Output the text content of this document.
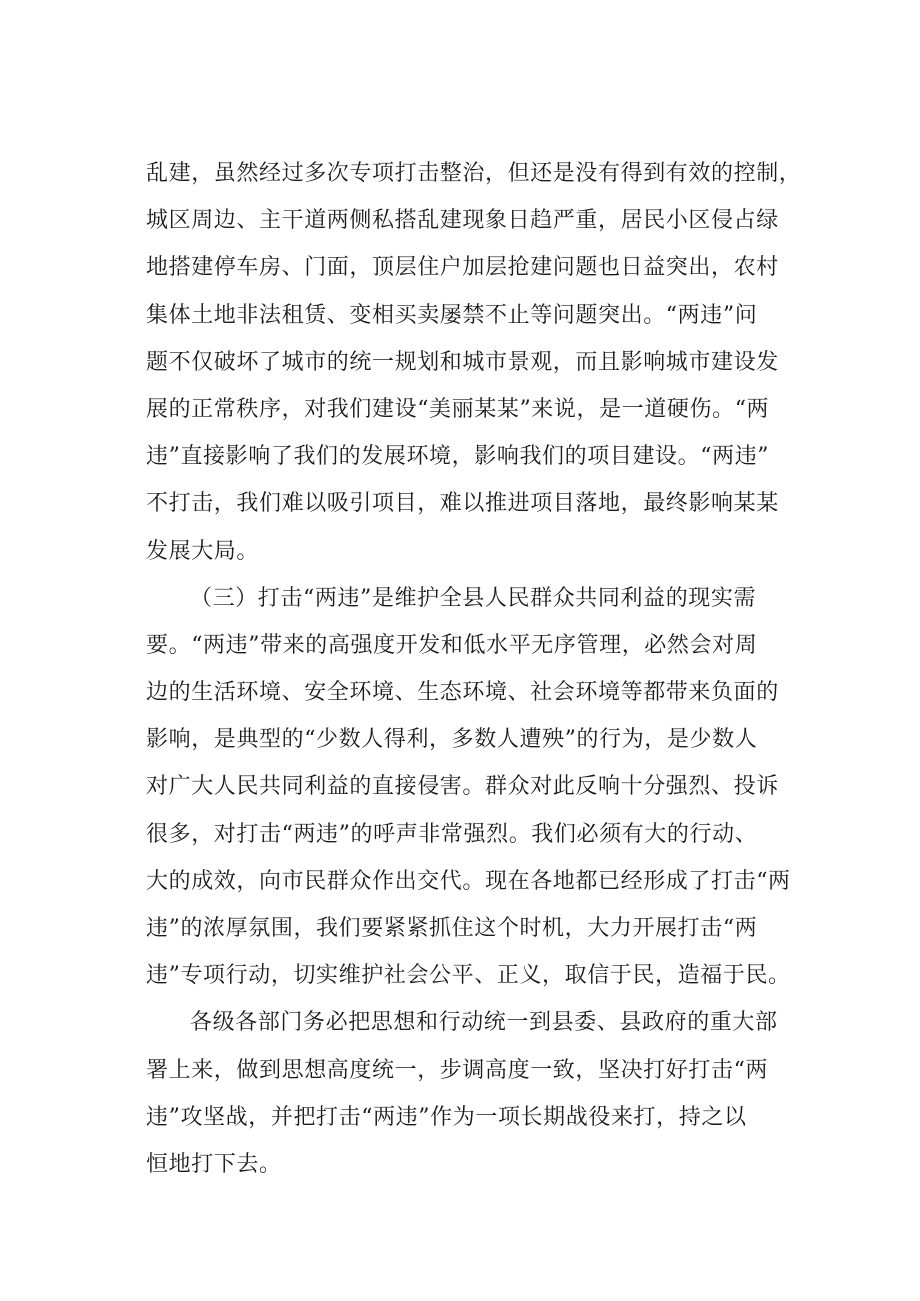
乱建，虽然经过多次专项打击整治，但还是没有得到有效的控制，
城区周边、主干道两侧私搭乱建现象日趋严重，居民小区侵占绿
地搭建停车房、门面，顶层住户加层抢建问题也日益突出，农村
集体土地非法租赁、变相买卖屡禁不止等问题突出。“两违”问
题不仅破坏了城市的统一规划和城市景观，而且影响城市建设发
展的正常秩序，对我们建设“美丽某某”来说，是一道硬伤。“两
违”直接影响了我们的发展环境，影响我们的项目建设。“两违”
不打击，我们难以吸引项目，难以推进项目落地，最终影响某某
发展大局。
（三）打击“两违”是维护全县人民群众共同利益的现实需
要。“两违”带来的高强度开发和低水平无序管理，必然会对周
边的生活环境、安全环境、生态环境、社会环境等都带来负面的
影响，是典型的“少数人得利，多数人遭殃”的行为，是少数人
对广大人民共同利益的直接侵害。群众对此反响十分强烈、投诉
很多，对打击“两违”的呼声非常强烈。我们必须有大的行动、
大的成效，向市民群众作出交代。现在各地都已经形成了打击“两
违”的浓厚氛围，我们要紧紧抓住这个时机，大力开展打击“两
违”专项行动，切实维护社会公平、正义，取信于民，造福于民。
各级各部门务必把思想和行动统一到县委、县政府的重大部
署上来，做到思想高度统一，步调高度一致，坚决打好打击“两
违”攻坚战，并把打击“两违”作为一项长期战役来打，持之以
恒地打下去。
